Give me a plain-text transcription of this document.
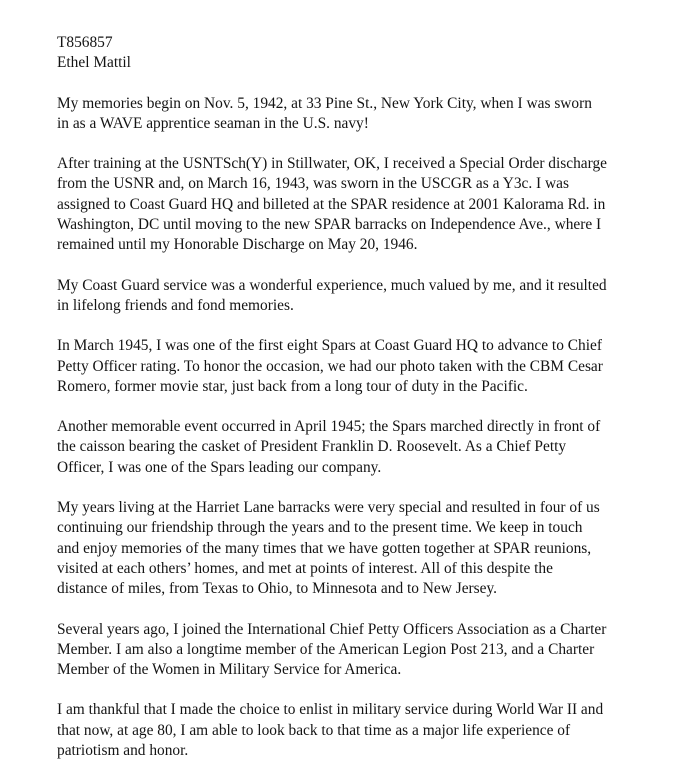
T856857

Ethel Mattil

My memories begin on Nov. 5, 1942, at 33 Pine St., New York City, when I was sworn
in as a WAVE apprentice seaman in the U.S. navy!

After training at the USNTSch(Y) in Stillwater, OK, I received a Special Order discharge
from the USNR and, on March 16, 1943, was sworn in the USCGR as a Y3c. I was
assigned to Coast Guard HQ and billeted at the SPAR residence at 2001 Kalorama Rd. in
Washington, DC until moving to the new SPAR barracks on Independence Ave., where I
remained until my Honorable Discharge on May 20, 1946.

My Coast Guard service was a wonderful experience, much valued by me, and it resulted
in lifelong friends and fond memories.

In March 1945, I was one of the first eight Spars at Coast Guard HQ to advance to Chief
Petty Officer rating. To honor the occasion, we had our photo taken with the CBM Cesar
Romero, former movie star, just back from a long tour of duty in the Pacific.

Another memorable event occurred in April 1945; the Spars marched directly in front of
the caisson bearing the casket of President Franklin D. Roosevelt. As a Chief Petty
Officer, I was one of the Spars leading our company.

My years living at the Harriet Lane barracks were very special and resulted in four of us
continuing our friendship through the years and to the present time. We keep in touch
and enjoy memories of the many times that we have gotten together at SPAR reunions,
visited at each others’ homes, and met at points of interest. All of this despite the
distance of miles, from Texas to Ohio, to Minnesota and to New Jersey.

Several years ago, I joined the International Chief Petty Officers Association as a Charter
Member. I am also a longtime member of the American Legion Post 213, and a Charter
Member of the Women in Military Service for America.

I am thankful that I made the choice to enlist in military service during World War II and
that now, at age 80, I am able to look back to that time as a major life experience of
patriotism and honor.
